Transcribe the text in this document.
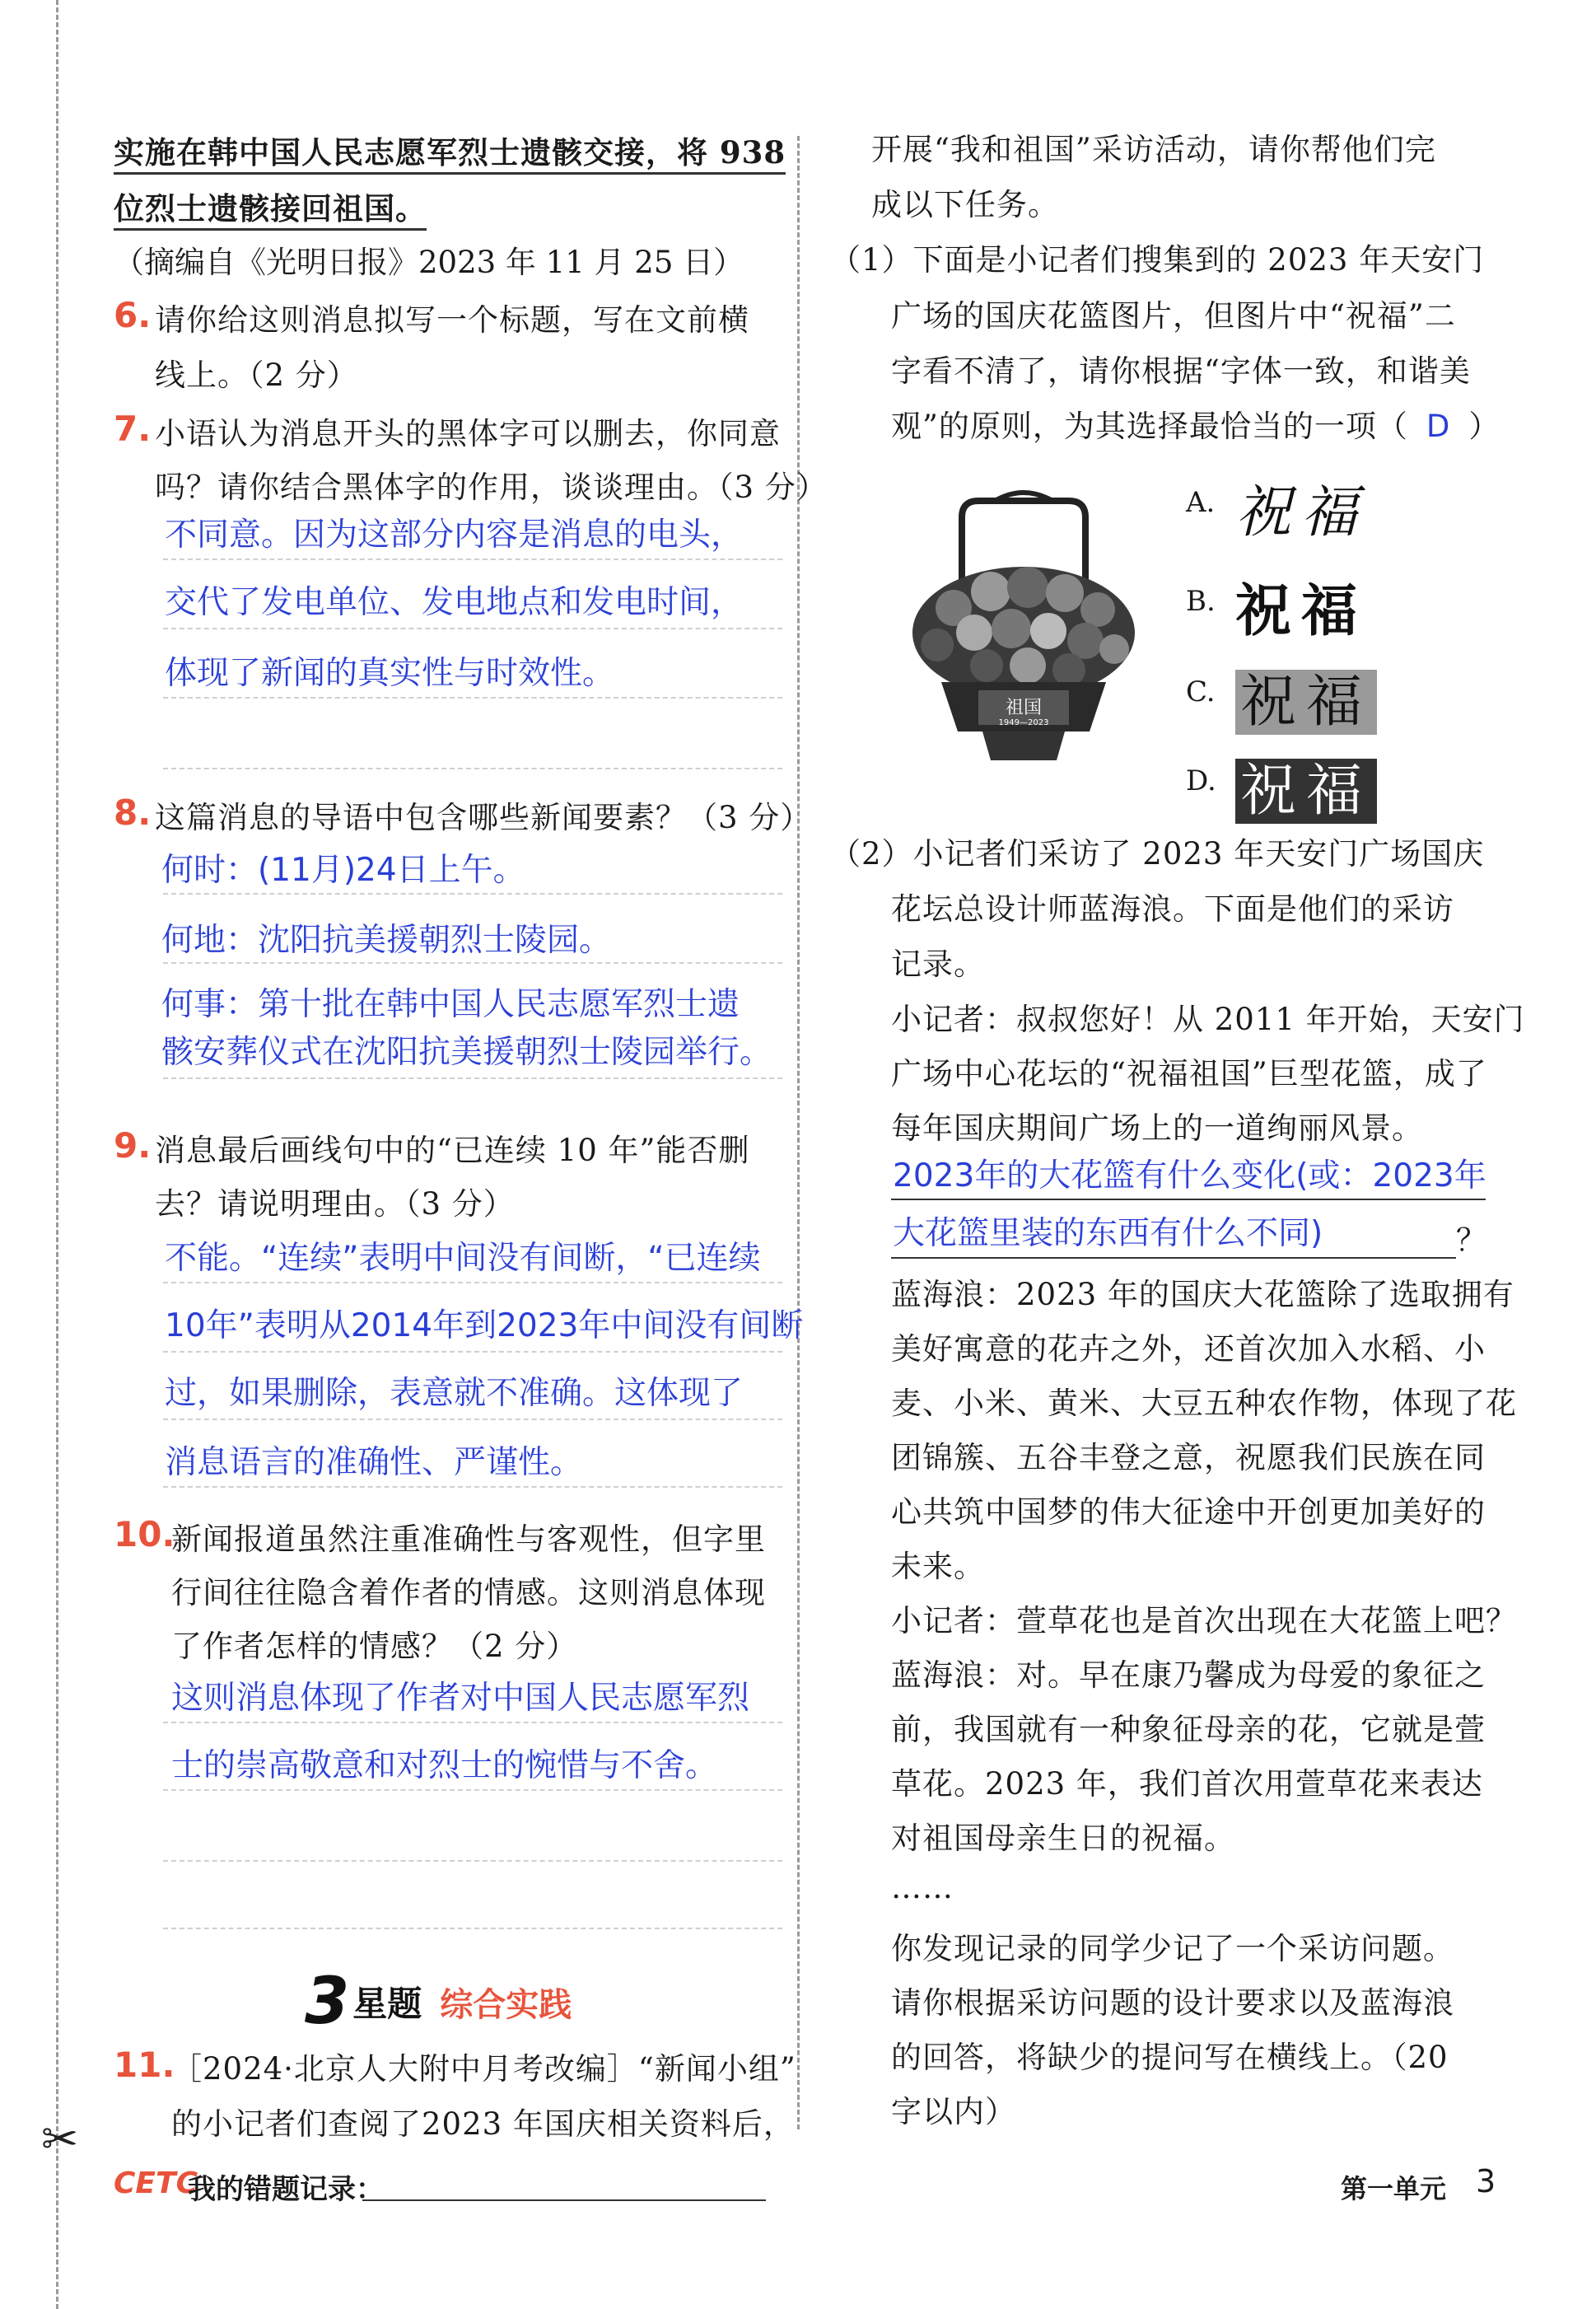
✂
实施在韩中国人民志愿军烈士遗骸交接，将 938
位烈士遗骸接回祖国。
（摘编自《光明日报》2023 年 11 月 25 日）
6. 请你给这则消息拟写一个标题，写在文前横
线上。（2 分）
7. 小语认为消息开头的黑体字可以删去，你同意
吗？请你结合黑体字的作用，谈谈理由。（3 分）
不同意。因为这部分内容是消息的电头，
交代了发电单位、发电地点和发电时间，
体现了新闻的真实性与时效性。
8. 这篇消息的导语中包含哪些新闻要素？（3 分）
何时：(11月)24日上午。
何地：沈阳抗美援朝烈士陵园。
何事：第十批在韩中国人民志愿军烈士遗
骸安葬仪式在沈阳抗美援朝烈士陵园举行。
9. 消息最后画线句中的“已连续 10 年”能否删
去？请说明理由。（3 分）
不能。“连续”表明中间没有间断，“已连续
10年”表明从2014年到2023年中间没有间断
过，如果删除，表意就不准确。这体现了
消息语言的准确性、严谨性。
10.
新闻报道虽然注重准确性与客观性，但字里
行间往往隐含着作者的情感。这则消息体现
了作者怎样的情感？（2 分）
这则消息体现了作者对中国人民志愿军烈
士的崇高敬意和对烈士的惋惜与不舍。
3 星题 综合实践
11.
［2024·北京人大附中月考改编］“新闻小组”
的小记者们查阅了2023 年国庆相关资料后，
开展“我和祖国”采访活动，请你帮他们完
成以下任务。
（1）下面是小记者们搜集到的 2023 年天安门
广场的国庆花篮图片，但图片中“祝福”二
字看不清了，请你根据“字体一致，和谐美
观”的原则，为其选择最恰当的一项（ D ）
祖国
1949—2023
A. 祝福
B. 祝福
C. 祝福
D. 祝福
（2）小记者们采访了 2023 年天安门广场国庆
花坛总设计师蓝海浪。下面是他们的采访
记录。
小记者：叔叔您好！从 2011 年开始，天安门
广场中心花坛的“祝福祖国”巨型花篮，成了
每年国庆期间广场上的一道绚丽风景。
2023年的大花篮有什么变化(或：2023年
大花篮里装的东西有什么不同)	？
蓝海浪：2023 年的国庆大花篮除了选取拥有
美好寓意的花卉之外，还首次加入水稻、小
麦、小米、黄米、大豆五种农作物，体现了花
团锦簇、五谷丰登之意，祝愿我们民族在同
心共筑中国梦的伟大征途中开创更加美好的
未来。
小记者：萱草花也是首次出现在大花篮上吧？
蓝海浪：对。早在康乃馨成为母爱的象征之
前，我国就有一种象征母亲的花，它就是萱
草花。2023 年，我们首次用萱草花来表达
对祖国母亲生日的祝福。
……
你发现记录的同学少记了一个采访问题。
请你根据采访问题的设计要求以及蓝海浪
的回答，将缺少的提问写在横线上。（20
字以内）
CETC
我的错题记录：	第一单元 3
